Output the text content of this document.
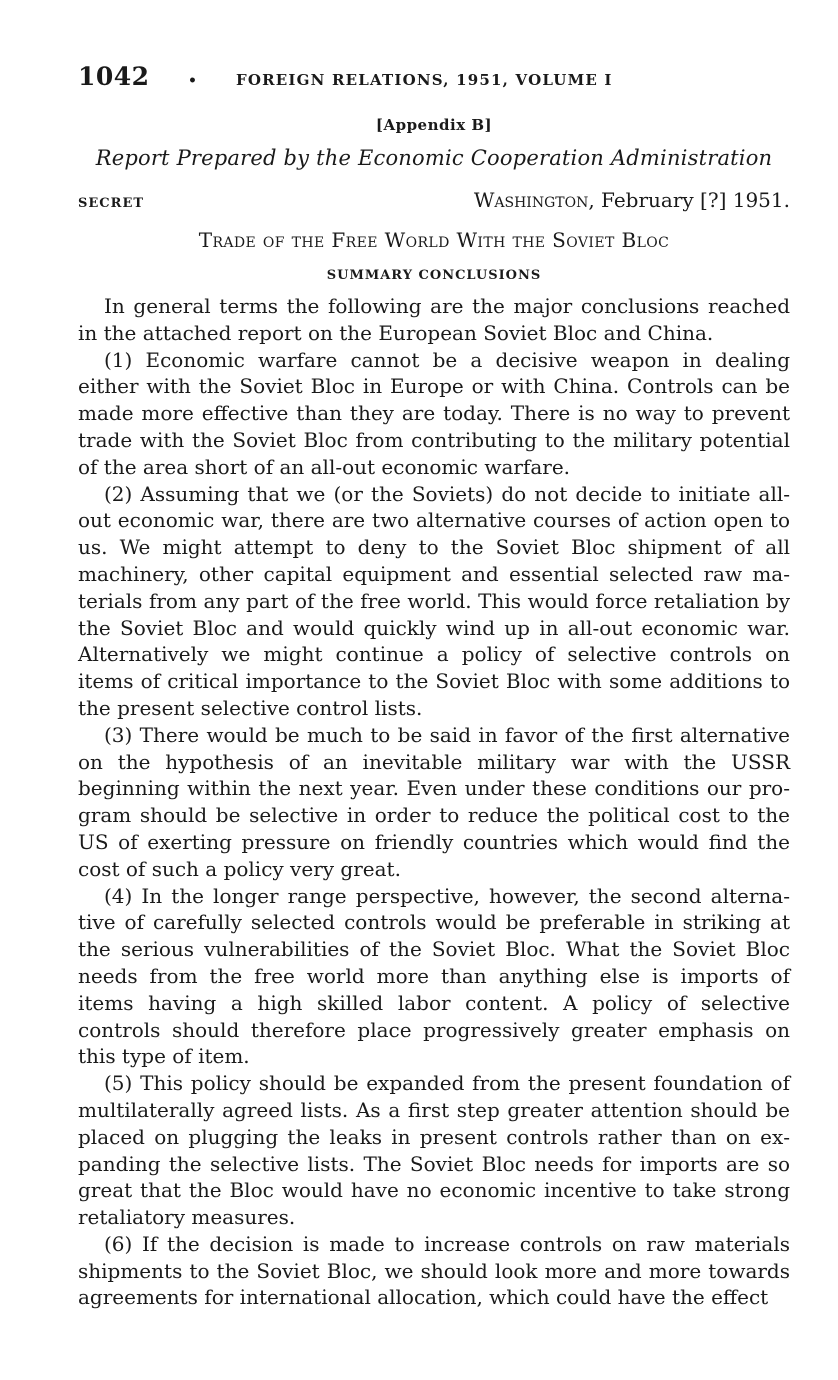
1042	•	FOREIGN RELATIONS, 1951, VOLUME I
[Appendix B]
Report Prepared by the Economic Cooperation Administration
SECRET	Washington, February [?] 1951.
Trade of the Free World With the Soviet Bloc
SUMMARY CONCLUSIONS

In general terms the following are the major conclusions reached in the attached report on the European Soviet Bloc and China.

(1) Economic warfare cannot be a decisive weapon in dealing either with the Soviet Bloc in Europe or with China. Controls can be made more effective than they are today. There is no way to prevent trade with the Soviet Bloc from contributing to the military potential of the area short of an all-out economic warfare.

(2) Assuming that we (or the Soviets) do not decide to initiate all-out economic war, there are two alternative courses of action open to us. We might attempt to deny to the Soviet Bloc shipment of all machinery, other capital equipment and essential selected raw materials from any part of the free world. This would force retaliation by the Soviet Bloc and would quickly wind up in all-out economic war. Alternatively we might continue a policy of selective controls on items of critical importance to the Soviet Bloc with some additions to the present selective control lists.

(3) There would be much to be said in favor of the first alternative on the hypothesis of an inevitable military war with the USSR beginning within the next year. Even under these conditions our program should be selective in order to reduce the political cost to the US of exerting pressure on friendly countries which would find the cost of such a policy very great.

(4) In the longer range perspective, however, the second alternative of carefully selected controls would be preferable in striking at the serious vulnerabilities of the Soviet Bloc. What the Soviet Bloc needs from the free world more than anything else is imports of items having a high skilled labor content. A policy of selective controls should therefore place progressively greater emphasis on this type of item.

(5) This policy should be expanded from the present foundation of multilaterally agreed lists. As a first step greater attention should be placed on plugging the leaks in present controls rather than on expanding the selective lists. The Soviet Bloc needs for imports are so great that the Bloc would have no economic incentive to take strong retaliatory measures.

(6) If the decision is made to increase controls on raw materials shipments to the Soviet Bloc, we should look more and more towards agreements for international allocation, which could have the effect
